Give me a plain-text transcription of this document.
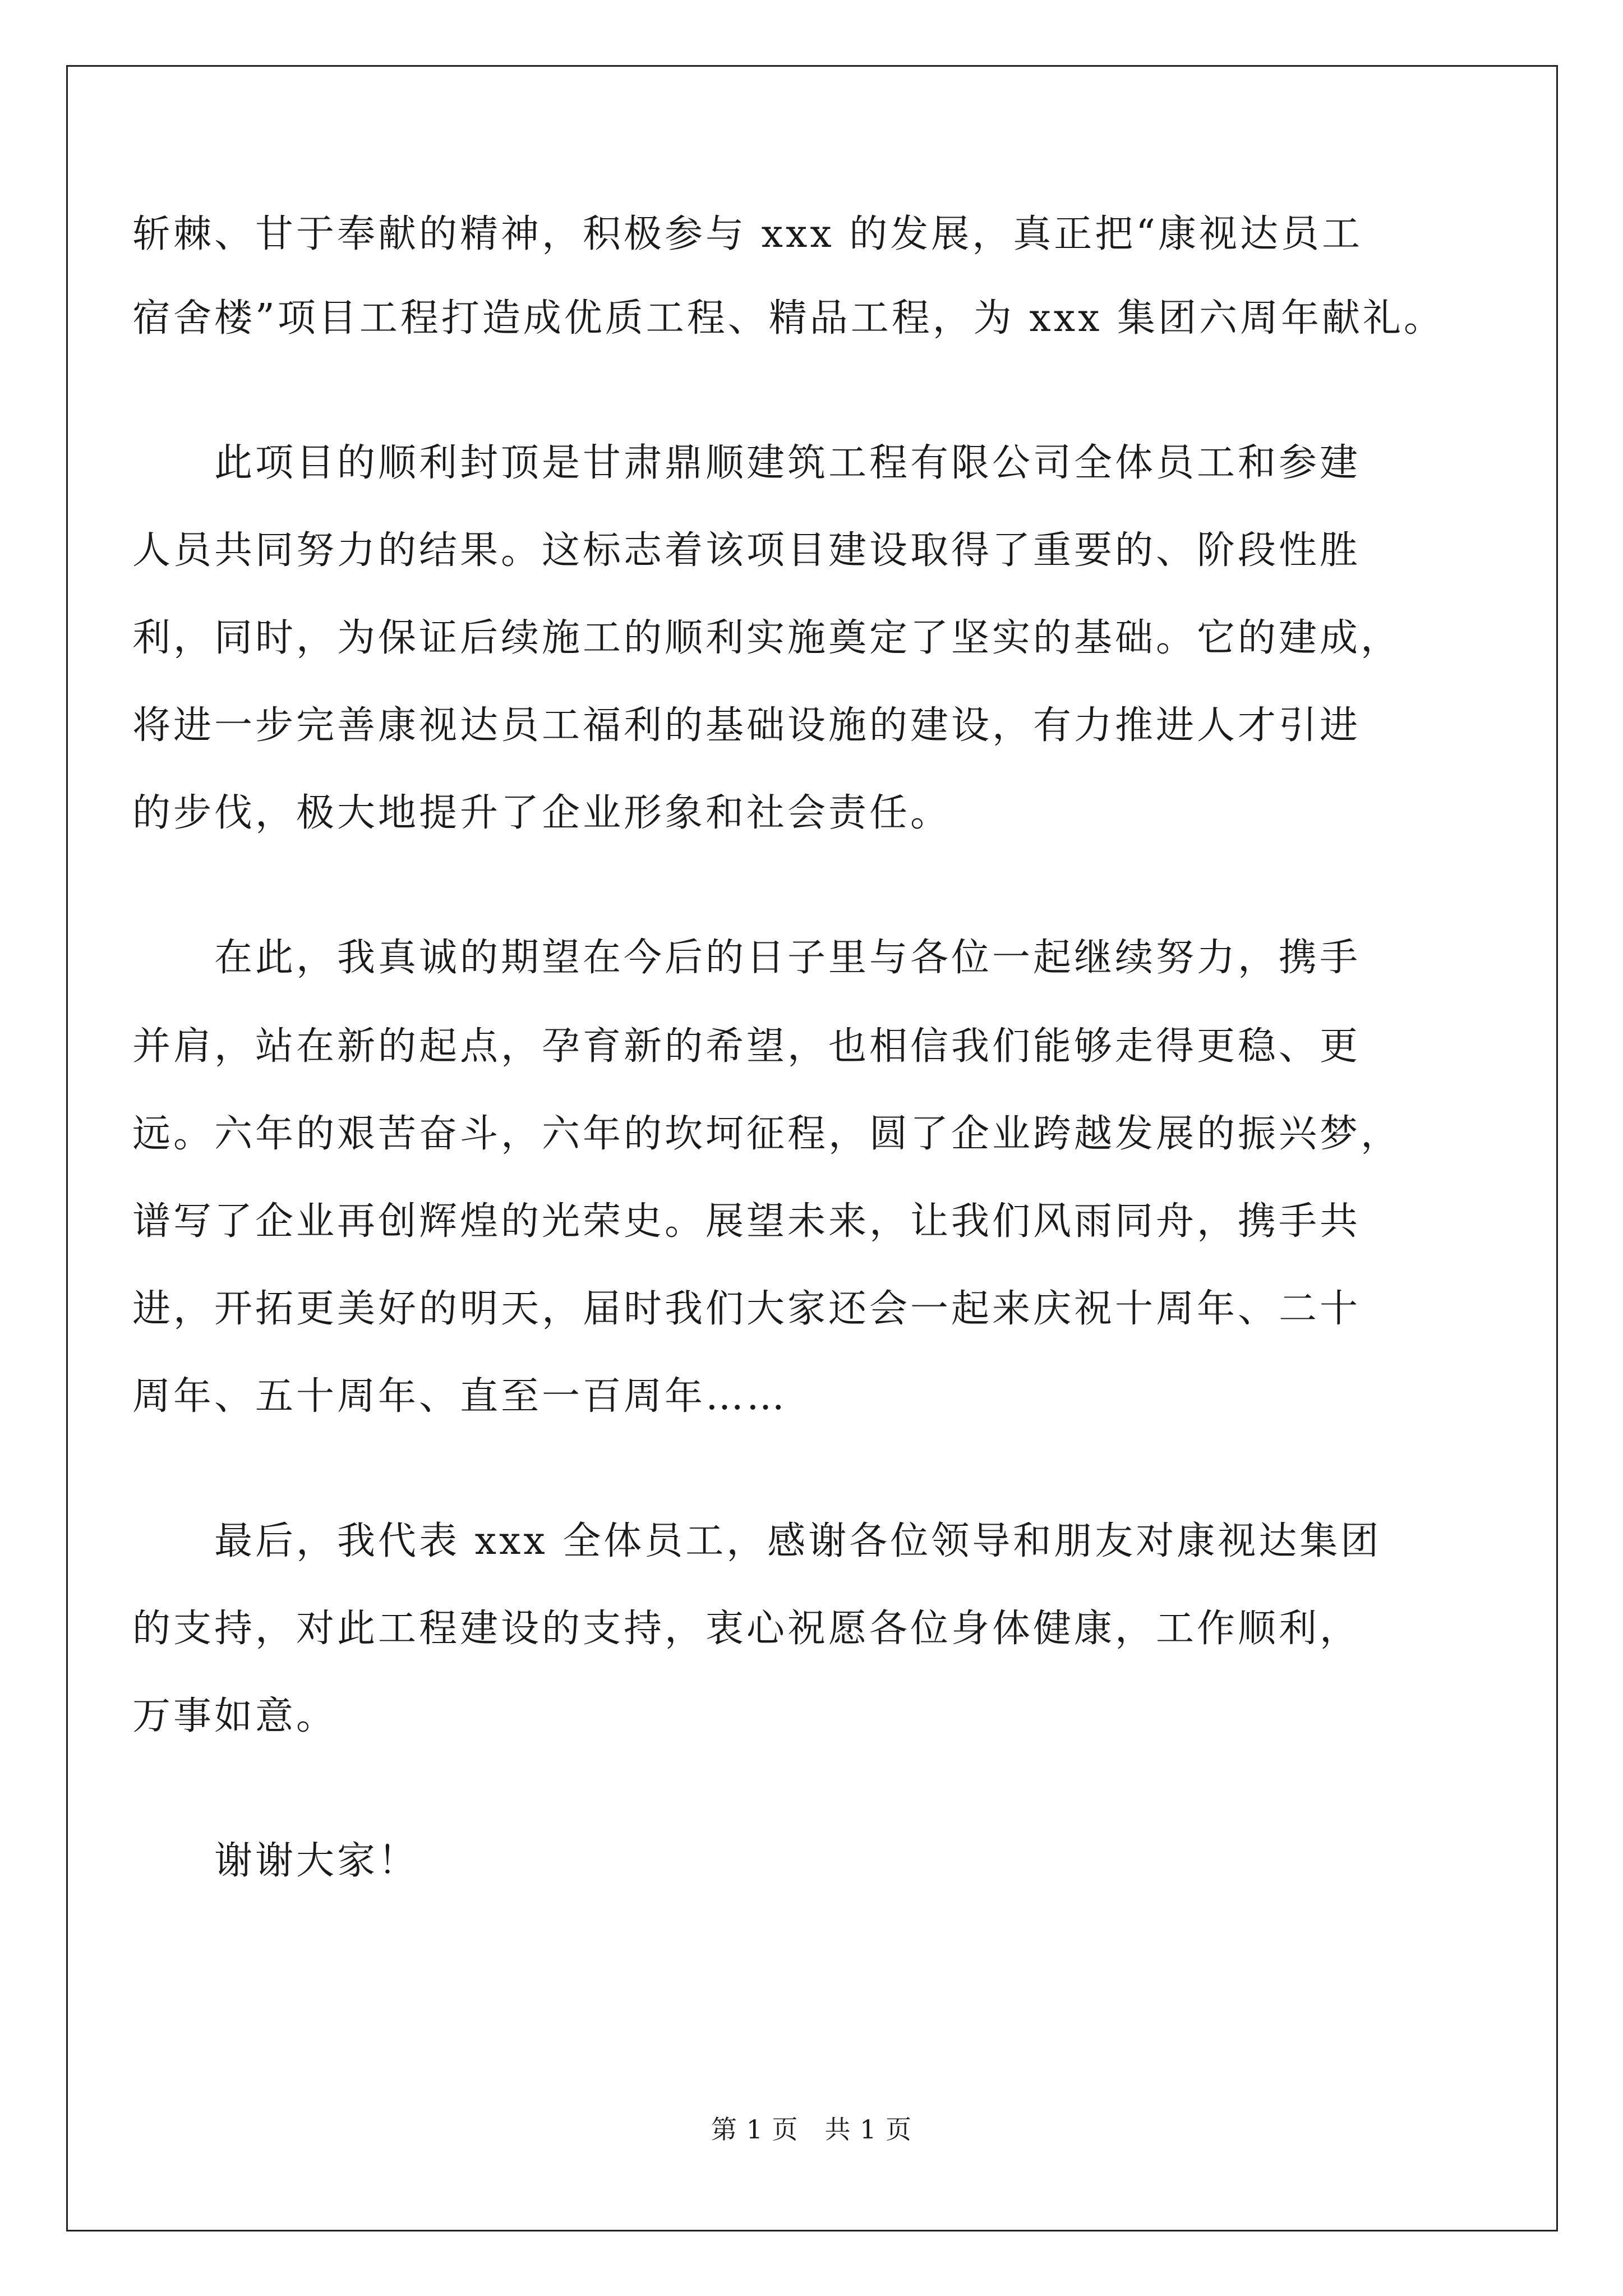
斩棘、甘于奉献的精神，积极参与 xxx 的发展，真正把“康视达员工
宿舍楼”项目工程打造成优质工程、精品工程，为 xxx 集团六周年献礼。
此项目的顺利封顶是甘肃鼎顺建筑工程有限公司全体员工和参建
人员共同努力的结果。这标志着该项目建设取得了重要的、阶段性胜
利，同时，为保证后续施工的顺利实施奠定了坚实的基础。它的建成，
将进一步完善康视达员工福利的基础设施的建设，有力推进人才引进
的步伐，极大地提升了企业形象和社会责任。
在此，我真诚的期望在今后的日子里与各位一起继续努力，携手
并肩，站在新的起点，孕育新的希望，也相信我们能够走得更稳、更
远。六年的艰苦奋斗，六年的坎坷征程，圆了企业跨越发展的振兴梦，
谱写了企业再创辉煌的光荣史。展望未来，让我们风雨同舟，携手共
进，开拓更美好的明天，届时我们大家还会一起来庆祝十周年、二十
周年、五十周年、直至一百周年……
最后，我代表 xxx 全体员工，感谢各位领导和朋友对康视达集团
的支持，对此工程建设的支持，衷心祝愿各位身体健康，工作顺利，
万事如意。
谢谢大家！
第 1 页　共 1 页
